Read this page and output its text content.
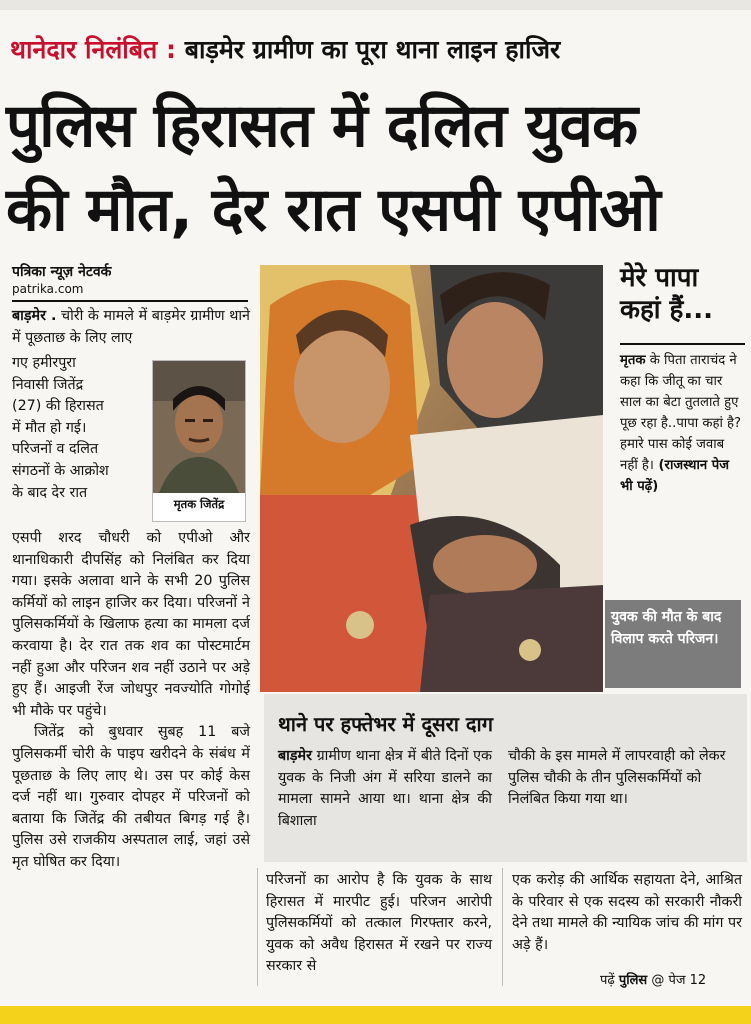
थानेदार निलंबित : बाड़मेर ग्रामीण का पूरा थाना लाइन हाजिर
पुलिस हिरासत में दलित युवक
की मौत, देर रात एसपी एपीओ
पत्रिका न्यूज़ नेटवर्क
patrika.com
बाड़मेर . चोरी के मामले में बाड़मेर ग्रामीण थाने में पूछताछ के लिए लाए
गए हमीरपुरा
निवासी जितेंद्र
(27) की हिरासत
में मौत हो गई।
परिजनों व दलित
संगठनों के आक्रोश
के बाद देर रात
मृतक जितेंद्र

एसपी शरद चौधरी को एपीओ और थानाधिकारी दीपसिंह को निलंबित कर दिया गया। इसके अलावा थाने के सभी 20 पुलिस कर्मियों को लाइन हाजिर कर दिया। परिजनों ने पुलिसकर्मियों के खिलाफ हत्या का मामला दर्ज करवाया है। देर रात तक शव का पोस्टमार्टम नहीं हुआ और परिजन शव नहीं उठाने पर अड़े हुए हैं। आइजी रेंज जोधपुर नवज्योति गोगोई भी मौके पर पहुंचे।

जितेंद्र को बुधवार सुबह 11 बजे पुलिसकर्मी चोरी के पाइप खरीदने के संबंध में पूछताछ के लिए लाए थे। उस पर कोई केस दर्ज नहीं था। गुरुवार दोपहर में परिजनों को बताया कि जितेंद्र की तबीयत बिगड़ गई है। पुलिस उसे राजकीय अस्पताल लाई, जहां उसे मृत घोषित कर दिया।

मेरे पापा कहां हैं...
मृतक के पिता ताराचंद ने कहा कि जीतू का चार साल का बेटा तुतलाते हुए पूछ रहा है..पापा कहां है? हमारे पास कोई जवाब नहीं है। (राजस्थान पेज भी पढ़ें)
युवक की मौत के बाद विलाप करते परिजन।
थाने पर हफ्तेभर में दूसरा दाग
बाड़मेर ग्रामीण थाना क्षेत्र में बीते दिनों एक युवक के निजी अंग में सरिया डालने का मामला सामने आया था। थाना क्षेत्र की बिशाला
चौकी के इस मामले में लापरवाही को लेकर पुलिस चौकी के तीन पुलिसकर्मियों को निलंबित किया गया था।
परिजनों का आरोप है कि युवक के साथ हिरासत में मारपीट हुई। परिजन आरोपी पुलिसकर्मियों को तत्काल गिरफ्तार करने, युवक को अवैध हिरासत में रखने पर राज्य सरकार से
एक करोड़ की आर्थिक सहायता देने, आश्रित के परिवार से एक सदस्य को सरकारी नौकरी देने तथा मामले की न्यायिक जांच की मांग पर अड़े हैं।
पढ़ें पुलिस @ पेज 12
